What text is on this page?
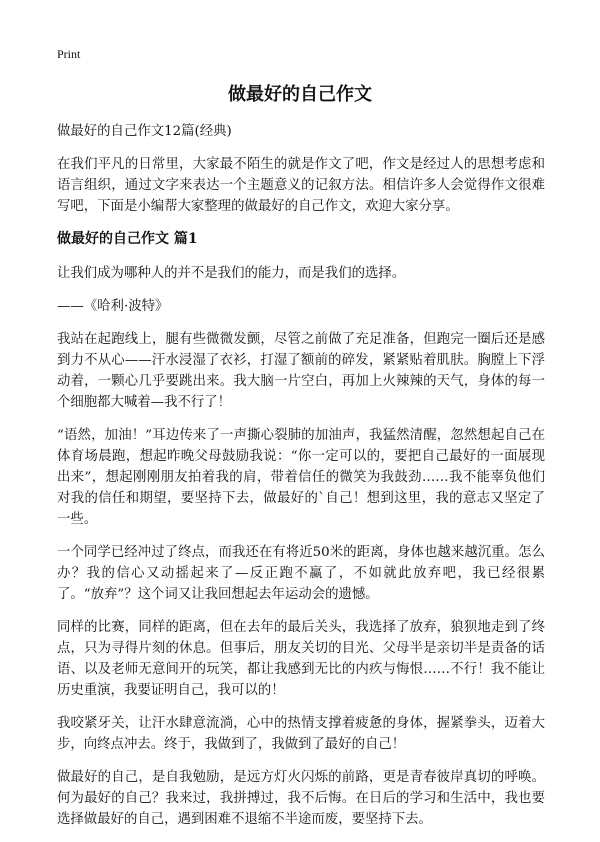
Print
做最好的自己作文

做最好的自己作文12篇(经典)

在我们平凡的日常里，大家最不陌生的就是作文了吧，作文是经过人的思想考虑和语言组织，通过文字来表达一个主题意义的记叙方法。相信许多人会觉得作文很难写吧，下面是小编帮大家整理的做最好的自己作文，欢迎大家分享。

做最好的自己作文 篇1

让我们成为哪种人的并不是我们的能力，而是我们的选择。

——《哈利·波特》

我站在起跑线上，腿有些微微发颤，尽管之前做了充足准备，但跑完一圈后还是感到力不从心——汗水浸湿了衣衫，打湿了额前的碎发，紧紧贴着肌肤。胸膛上下浮动着，一颗心几乎要跳出来。我大脑一片空白，再加上火辣辣的天气，身体的每一个细胞都大喊着—我不行了！

“语然，加油！”耳边传来了一声撕心裂肺的加油声，我猛然清醒，忽然想起自己在体育场晨跑，想起昨晚父母鼓励我说：“你一定可以的，要把自己最好的一面展现出来”，想起刚刚朋友拍着我的肩，带着信任的微笑为我鼓劲……我不能辜负他们对我的信任和期望，要坚持下去，做最好的`自己！想到这里，我的意志又坚定了一些。

一个同学已经冲过了终点，而我还在有将近50米的距离，身体也越来越沉重。怎么办？我的信心又动摇起来了—反正跑不赢了，不如就此放弃吧，我已经很累了。“放弃”？这个词又让我回想起去年运动会的遗憾。

同样的比赛，同样的距离，但在去年的最后关头，我选择了放弃，狼狈地走到了终点，只为寻得片刻的休息。但事后，朋友关切的目光、父母半是亲切半是责备的话语、以及老师无意间开的玩笑，都让我感到无比的内疚与悔恨……不行！我不能让历史重演，我要证明自己，我可以的！

我咬紧牙关，让汗水肆意流淌，心中的热情支撑着疲惫的身体，握紧拳头，迈着大步，向终点冲去。终于，我做到了，我做到了最好的自己！

做最好的自己，是自我勉励，是远方灯火闪烁的前路，更是青春彼岸真切的呼唤。何为最好的自己？我来过，我拼搏过，我不后悔。在日后的学习和生活中，我也要选择做最好的自己，遇到困难不退缩不半途而废，要坚持下去。
